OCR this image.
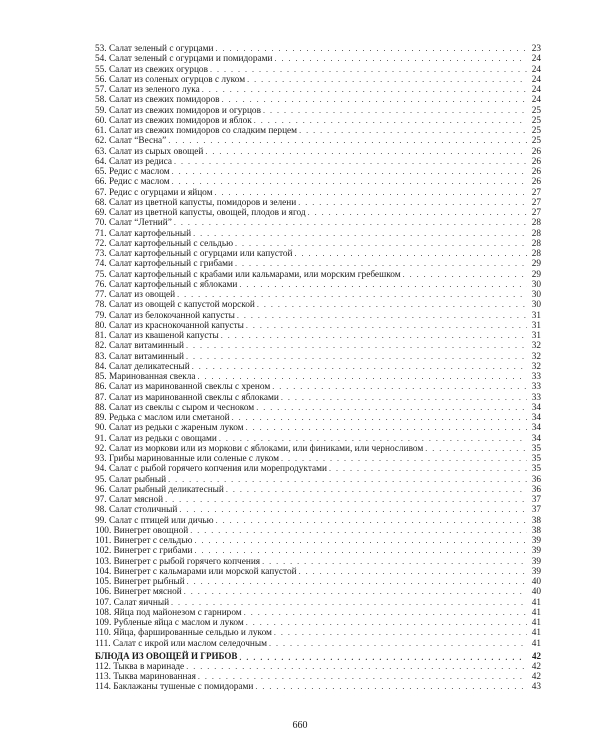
53. Салат зеленый с огурцами . . .	23
54. Салат зеленый с огурцами и помидорами . . .	24
55. Салат из свежих огурцов . . .	24
56. Салат из соленых огурцов с луком . . .	24
57. Салат из зеленого лука . . .	24
58. Салат из свежих помидоров . . .	24
59. Салат из свежих помидоров и огурцов . . .	25
60. Салат из свежих помидоров и яблок . . .	25
61. Салат из свежих помидоров со сладким перцем . . .	25
62. Салат “Весна” . . .	25
63. Салат из сырых овощей . . .	26
64. Салат из редиса . . .	26
65. Редис с маслом . . .	26
66. Редис с маслом . . .	26
67. Редис с огурцами и яйцом . . .	27
68. Салат из цветной капусты, помидоров и зелени . . .	27
69. Салат из цветной капусты, овощей, плодов и ягод . . .	27
70. Салат “Летний” . . .	28
71. Салат картофельный . . .	28
72. Салат картофельный с сельдью . . .	28
73. Салат картофельный с огурцами или капустой . . .	28
74. Салат картофельный с грибами . . .	29
75. Салат картофельный с крабами или кальмарами, или морским гребешком . . .	29
76. Салат картофельный с яблоками . . .	30
77. Салат из овощей . . .	30
78. Салат из овощей с капустой морской . . .	30
79. Салат из белокочанной капусты . . .	31
80. Салат из краснокочанной капусты . . .	31
81. Салат из квашеной капусты . . .	31
82. Салат витаминный . . .	32
83. Салат витаминный . . .	32
84. Салат деликатесный . . .	32
85. Маринованная свекла . . .	33
86. Салат из маринованной свеклы с хреном . . .	33
87. Салат из маринованной свеклы с яблоками . . .	33
88. Салат из свеклы с сыром и чесноком . . .	34
89. Редька с маслом или сметаной . . .	34
90. Салат из редьки с жареным луком . . .	34
91. Салат из редьки с овощами . . .	34
92. Салат из моркови или из моркови с яблоками, или финиками, или черносливом . . .	35
93. Грибы маринованные или соленые с луком . . .	35
94. Салат с рыбой горячего копчения или морепродуктами . . .	35
95. Салат рыбный . . .	36
96. Салат рыбный деликатесный . . .	36
97. Салат мясной . . .	37
98. Салат столичный . . .	37
99. Салат с птицей или дичью . . .	38
100. Винегрет овощной . . .	38
101. Винегрет с сельдью . . .	39
102. Винегрет с грибами . . .	39
103. Винегрет с рыбой горячего копчения . . .	39
104. Винегрет с кальмарами или морской капустой . . .	39
105. Винегрет рыбный . . .	40
106. Винегрет мясной . . .	40
107. Салат яичный . . .	41
108. Яйца под майонезом с гарниром . . .	41
109. Рубленые яйца с маслом и луком . . .	41
110. Яйца, фаршированные сельдью и луком . . .	41
111. Салат с икрой или маслом селедочным . . .	41
БЛЮДА ИЗ ОВОЩЕЙ И ГРИБОВ . . .	42
112. Тыква в маринаде . . .	42
113. Тыква маринованная . . .	42
114. Баклажаны тушеные с помидорами . . .	43
660
